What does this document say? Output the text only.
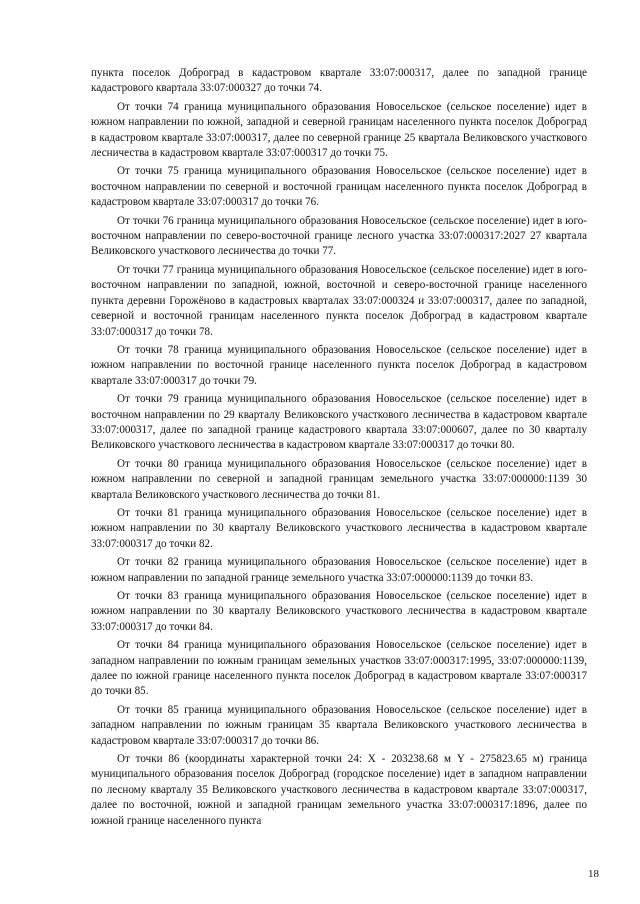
пункта поселок Доброград в кадастровом квартале 33:07:000317, далее по западной границе кадастрового квартала 33:07:000327 до точки 74.

От точки 74 граница муниципального образования Новосельское (сельское поселение) идет в южном направлении по южной, западной и северной границам населенного пункта поселок Доброград в кадастровом квартале 33:07:000317, далее по северной границе 25 квартала Великовского участкового лесничества в кадастровом квартале 33:07:000317 до точки 75.

От точки 75 граница муниципального образования Новосельское (сельское поселение) идет в восточном направлении по северной и восточной границам населенного пункта поселок Доброград в кадастровом квартале 33:07:000317 до точки 76.

От точки 76 граница муниципального образования Новосельское (сельское поселение) идет в юго-восточном направлении по северо-восточной границе лесного участка 33:07:000317:2027 27 квартала Великовского участкового лесничества до точки 77.

От точки 77 граница муниципального образования Новосельское (сельское поселение) идет в юго-восточном направлении по западной, южной, восточной и северо-восточной границе населенного пункта деревни Горожёново в кадастровых кварталах 33:07:000324 и 33:07:000317, далее по западной, северной и восточной границам населенного пункта поселок Доброград в кадастровом квартале 33:07:000317 до точки 78.

От точки 78 граница муниципального образования Новосельское (сельское поселение) идет в южном направлении по восточной границе населенного пункта поселок Доброград в кадастровом квартале 33:07:000317 до точки 79.

От точки 79 граница муниципального образования Новосельское (сельское поселение) идет в восточном направлении по 29 кварталу Великовского участкового лесничества в кадастровом квартале 33:07:000317, далее по западной границе кадастрового квартала 33:07:000607, далее по 30 кварталу Великовского участкового лесничества в кадастровом квартале 33:07:000317 до точки 80.

От точки 80 граница муниципального образования Новосельское (сельское поселение) идет в южном направлении по северной и западной границам земельного участка 33:07:000000:1139 30 квартала Великовского участкового лесничества до точки 81.

От точки 81 граница муниципального образования Новосельское (сельское поселение) идет в южном направлении по 30 кварталу Великовского участкового лесничества в кадастровом квартале 33:07:000317 до точки 82.

От точки 82 граница муниципального образования Новосельское (сельское поселение) идет в южном направлении по западной границе земельного участка 33:07:000000:1139 до точки 83.

От точки 83 граница муниципального образования Новосельское (сельское поселение) идет в южном направлении по 30 кварталу Великовского участкового лесничества в кадастровом квартале 33:07:000317 до точки 84.

От точки 84 граница муниципального образования Новосельское (сельское поселение) идет в западном направлении по южным границам земельных участков 33:07:000317:1995, 33:07:000000:1139, далее по южной границе населенного пункта поселок Доброград в кадастровом квартале 33:07:000317 до точки 85.

От точки 85 граница муниципального образования Новосельское (сельское поселение) идет в западном направлении по южным границам 35 квартала Великовского участкового лесничества в кадастровом квартале 33:07:000317 до точки 86.

От точки 86 (координаты характерной точки 24: X - 203238.68 м Y - 275823.65 м) граница муниципального образования поселок Доброград (городское поселение) идет в западном направлении по лесному кварталу 35 Великовского участкового лесничества в кадастровом квартале 33:07:000317, далее по восточной, южной и западной границам земельного участка 33:07:000317:1896, далее по южной границе населенного пункта

18
